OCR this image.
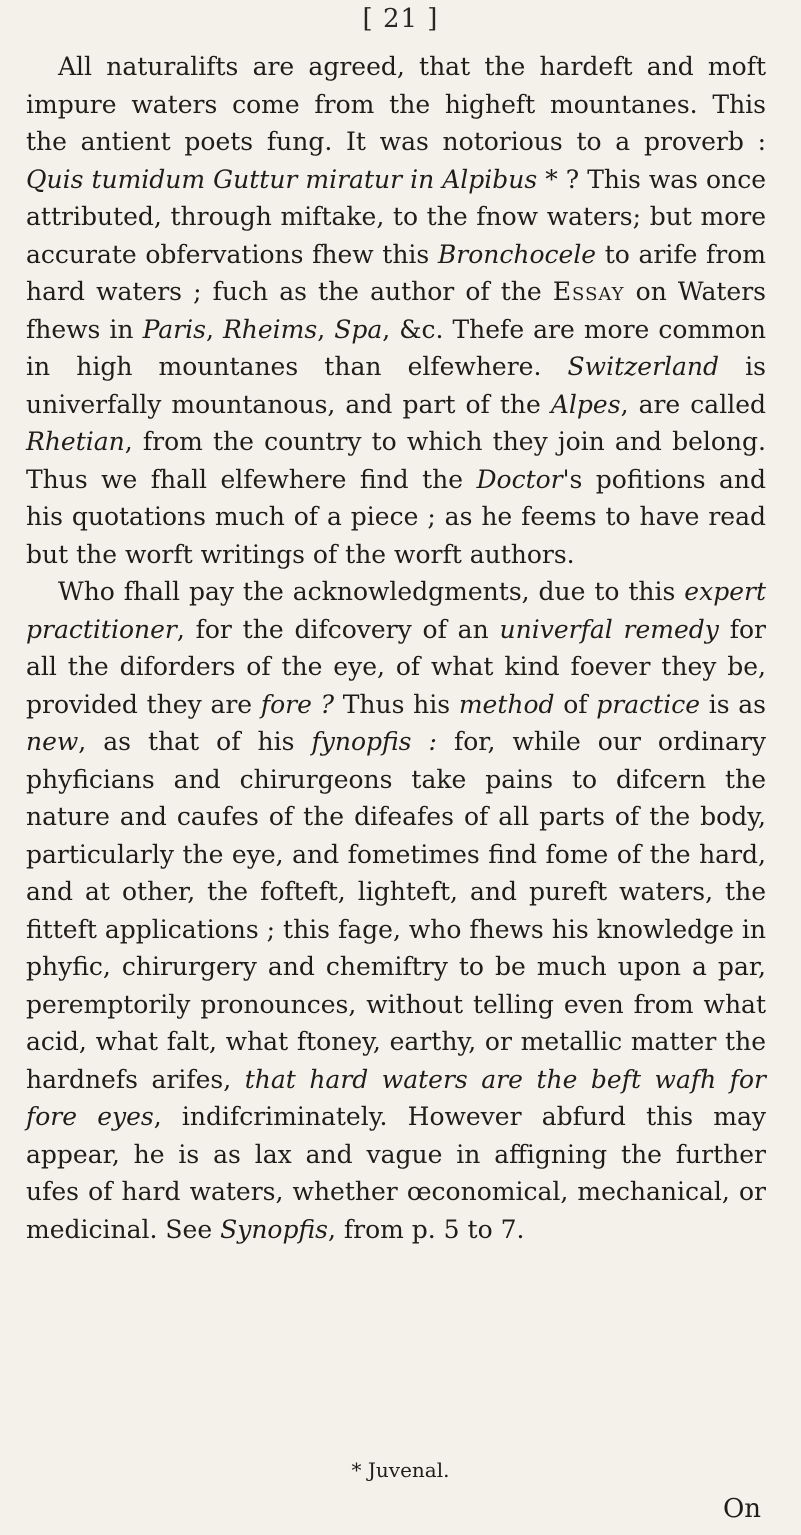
[ 21 ]

All naturalifts are agreed, that the hardeft and moft impure waters come from the higheft mountanes. This the antient poets fung. It was notorious to a proverb : Quis tumidum Guttur miratur in Alpibus * ? This was once attributed, through miftake, to the fnow waters; but more accurate obfervations fhew this Bronchocele to arife from hard waters ; fuch as the author of the Essay on Waters fhews in Paris, Rheims, Spa, &c. Thefe are more common in high mountanes than elfewhere. Switzerland is univerfally mountanous, and part of the Alpes, are called Rhetian, from the country to which they join and belong. Thus we fhall elfewhere find the Doctor's pofitions and his quotations much of a piece ; as he feems to have read but the worft writings of the worft authors.

Who fhall pay the acknowledgments, due to this expert practitioner, for the difcovery of an univerfal remedy for all the diforders of the eye, of what kind foever they be, provided they are fore ? Thus his method of practice is as new, as that of his fynopfis : for, while our ordinary phyficians and chirurgeons take pains to difcern the nature and caufes of the difeafes of all parts of the body, particularly the eye, and fometimes find fome of the hard, and at other, the fofteft, lighteft, and pureft waters, the fitteft applications ; this fage, who fhews his knowledge in phyfic, chirurgery and chemiftry to be much upon a par, peremptorily pronounces, without telling even from what acid, what falt, what ftoney, earthy, or metallic matter the hardnefs arifes, that hard waters are the beft wafh for fore eyes, indifcriminately. However abfurd this may appear, he is as lax and vague in affigning the further ufes of hard waters, whether œconomical, mechanical, or medicinal. See Synopfis, from p. 5 to 7.

* Juvenal.
On
